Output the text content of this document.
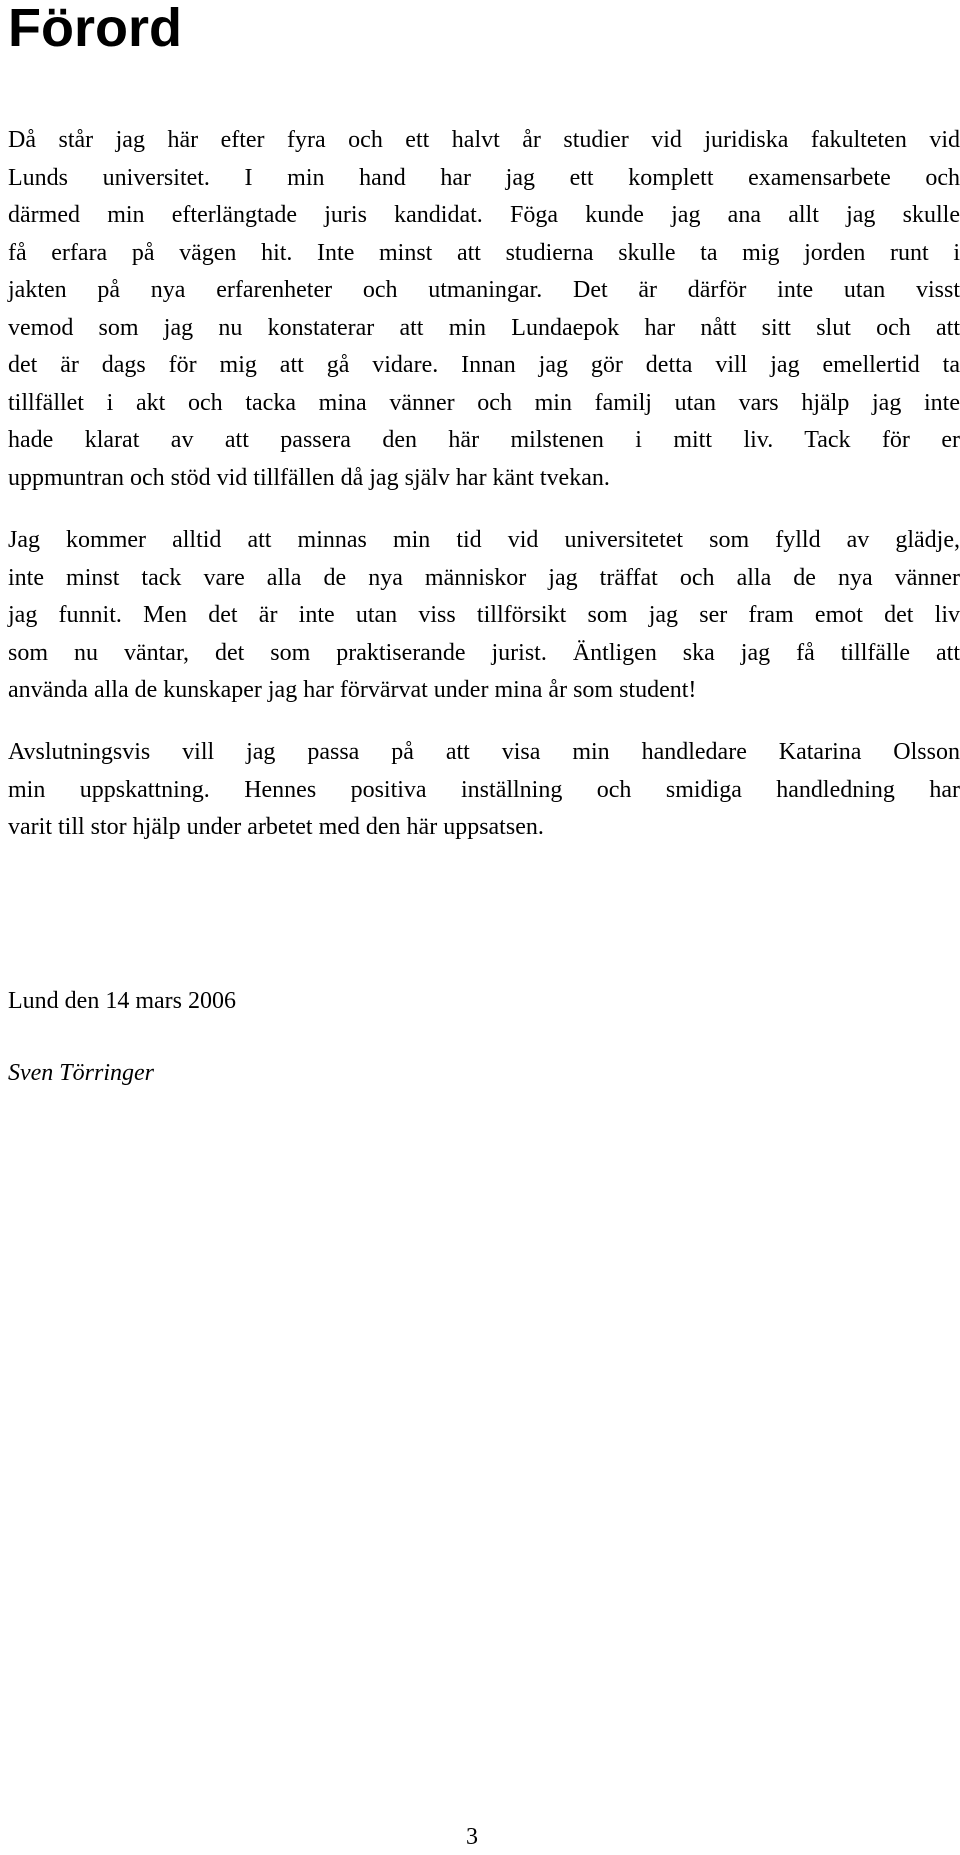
Förord
Då står jag här efter fyra och ett halvt år studier vid juridiska fakulteten vid
Lunds universitet. I min hand har jag ett komplett examensarbete och
därmed min efterlängtade juris kandidat. Föga kunde jag ana allt jag skulle
få erfara på vägen hit. Inte minst att studierna skulle ta mig jorden runt i
jakten på nya erfarenheter och utmaningar. Det är därför inte utan visst
vemod som jag nu konstaterar att min Lundaepok har nått sitt slut och att
det är dags för mig att gå vidare. Innan jag gör detta vill jag emellertid ta
tillfället i akt och tacka mina vänner och min familj utan vars hjälp jag inte
hade klarat av att passera den här milstenen i mitt liv. Tack för er
uppmuntran och stöd vid tillfällen då jag själv har känt tvekan.
Jag kommer alltid att minnas min tid vid universitetet som fylld av glädje,
inte minst tack vare alla de nya människor jag träffat och alla de nya vänner
jag funnit. Men det är inte utan viss tillförsikt som jag ser fram emot det liv
som nu väntar, det som praktiserande jurist. Äntligen ska jag få tillfälle att
använda alla de kunskaper jag har förvärvat under mina år som student!
Avslutningsvis vill jag passa på att visa min handledare Katarina Olsson
min uppskattning. Hennes positiva inställning och smidiga handledning har
varit till stor hjälp under arbetet med den här uppsatsen.

Lund den 14 mars 2006

Sven Törringer

3
